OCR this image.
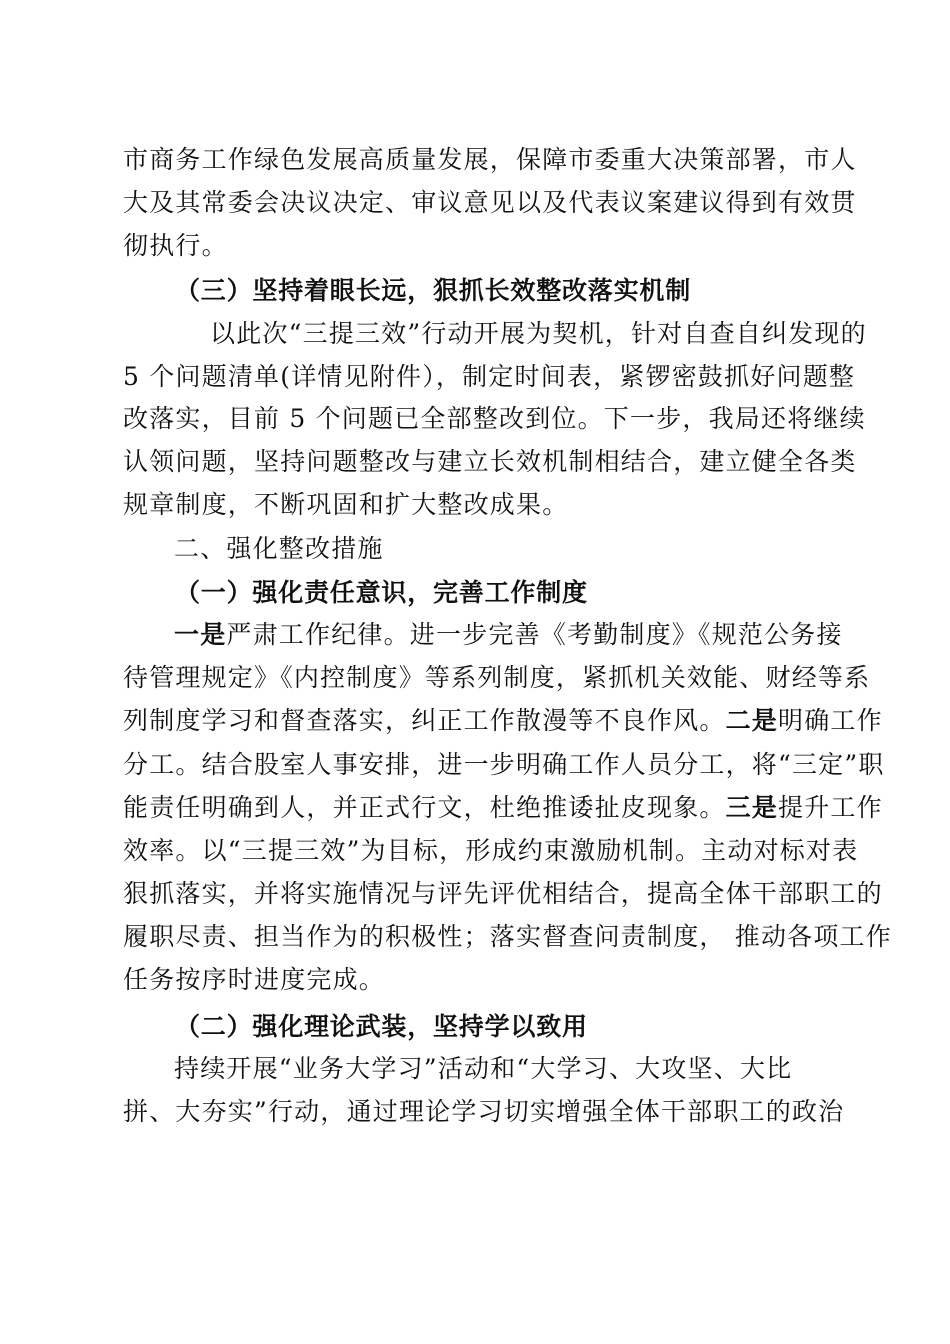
市商务工作绿色发展高质量发展，保障市委重大决策部署，市人
大及其常委会决议决定、审议意见以及代表议案建议得到有效贯
彻执行。
（三）坚持着眼长远，狠抓长效整改落实机制
以此次“三提三效”行动开展为契机，针对自查自纠发现的
5 个问题清单(详情见附件），制定时间表，紧锣密鼓抓好问题整
改落实，目前 5 个问题已全部整改到位。下一步，我局还将继续
认领问题，坚持问题整改与建立长效机制相结合，建立健全各类
规章制度，不断巩固和扩大整改成果。
二、强化整改措施
（一）强化责任意识，完善工作制度
一是严肃工作纪律。进一步完善《考勤制度》《规范公务接
待管理规定》《内控制度》等系列制度，紧抓机关效能、财经等系
列制度学习和督查落实，纠正工作散漫等不良作风。二是明确工作
分工。结合股室人事安排，进一步明确工作人员分工，将“三定”职
能责任明确到人，并正式行文，杜绝推诿扯皮现象。三是提升工作
效率。以“三提三效”为目标，形成约束激励机制。主动对标对表
狠抓落实，并将实施情况与评先评优相结合，提高全体干部职工的
履职尽责、担当作为的积极性；落实督查问责制度， 推动各项工作
任务按序时进度完成。
（二）强化理论武装，坚持学以致用
持续开展“业务大学习”活动和“大学习、大攻坚、大比
拼、大夯实”行动，通过理论学习切实增强全体干部职工的政治
